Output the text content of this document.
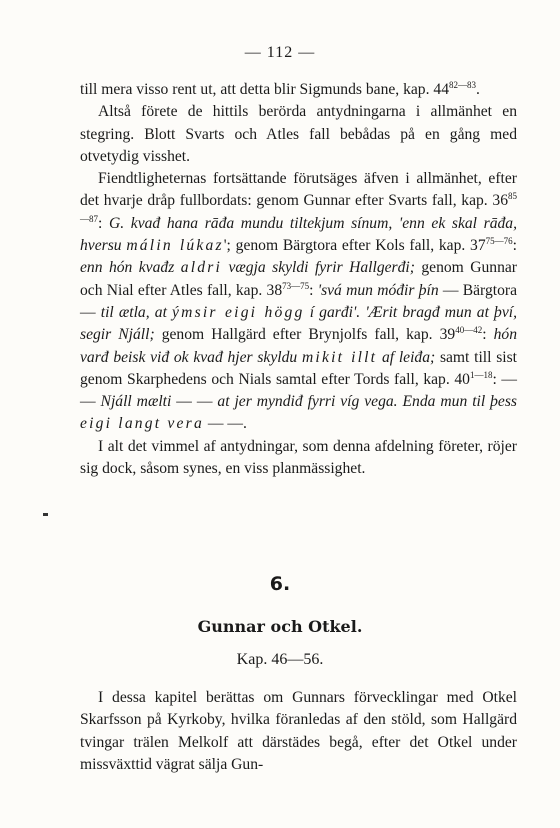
— 112 —

till mera visso rent ut, att detta blir Sigmunds bane, kap. $44^{82—83}$.

Altså förete de hittils berörda antydningarna i allmänhet en stegring. Blott Svarts och Atles fall bebådas på en gång med otvetydig visshet.

Fiendtligheternas fortsättande förutsäges äfven i allmänhet, efter det hvarje dråp fullbordats: genom Gunnar efter Svarts fall, kap. $36^{85—87}$: G. kvađ hana rāđa mundu tiltekjum sínum, 'enn ek skal rāđa, hversu málin lúkaz'; genom Bärgtora efter Kols fall, kap. $37^{75—76}$: enn hón kvađz aldri vægja skyldi fyrir Hallgerđi; genom Gunnar och Nial efter Atles fall, kap. $38^{73—75}$: 'svá mun móđir þín — Bärgtora — til ætla, at ýmsir eigi högg í garđi'. 'Ærit bragđ mun at því, segir Njáll; genom Hallgärd efter Brynjolfs fall, kap. $39^{40—42}$: hón varđ beisk viđ ok kvađ hjer skyldu mikit illt af leiđa; samt till sist genom Skarphedens och Nials samtal efter Tords fall, kap. $40^{1—18}$: — — Njáll mælti — — at jer myndiđ fyrri víg vega. Enda mun til þess eigi langt vera — —.

I alt det vimmel af antydningar, som denna afdelning företer, röjer sig dock, såsom synes, en viss planmässighet.

6.
Gunnar och Otkel.
Kap. 46—56.

I dessa kapitel berättas om Gunnars förvecklingar med Otkel Skarfsson på Kyrkoby, hvilka föranledas af den stöld, som Hallgärd tvingar trälen Melkolf att därstädes begå, efter det Otkel under missväxttid vägrat sälja Gun-
